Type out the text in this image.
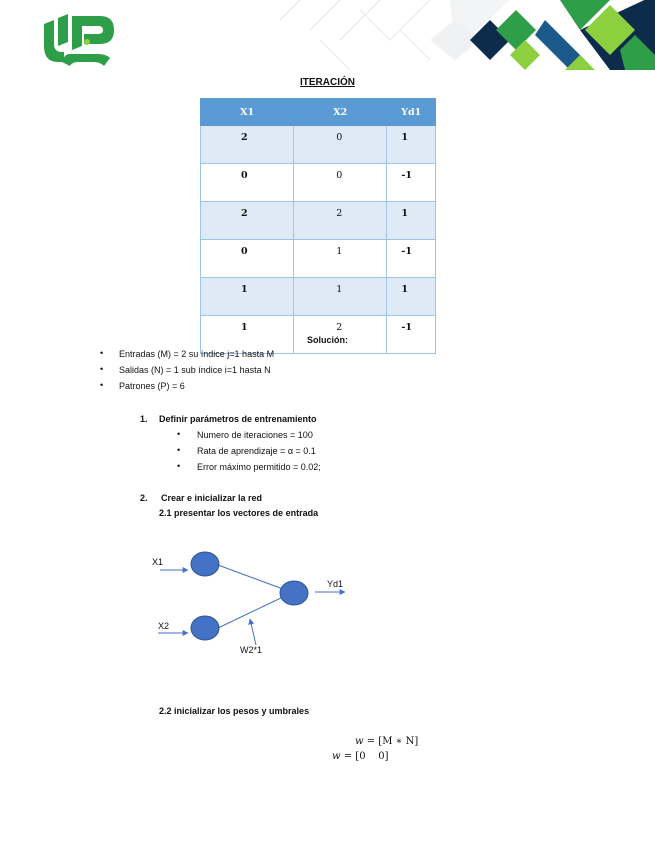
ITERACIÓN
X1	X2	Yd1
2	0	1
0	0	-1
2	2	1
0	1	-1
1	1	1
1	2	-1
Solución:
• Entradas (M) = 2 su índice j=1 hasta M
• Salidas (N) = 1 sub índice i=1 hasta N
• Patrones (P) = 6
1. Definir parámetros de entrenamiento
• Numero de iteraciones = 100
• Rata de aprendizaje = α = 0.1
• Error máximo permitido = 0.02;
2. Crear e inicializar la red
2.1 presentar los vectores de entrada
X1
X2
Yd1
W2*1
2.2 inicializar los pesos y umbrales
w = [M ∗ N]
w = [0    0]
